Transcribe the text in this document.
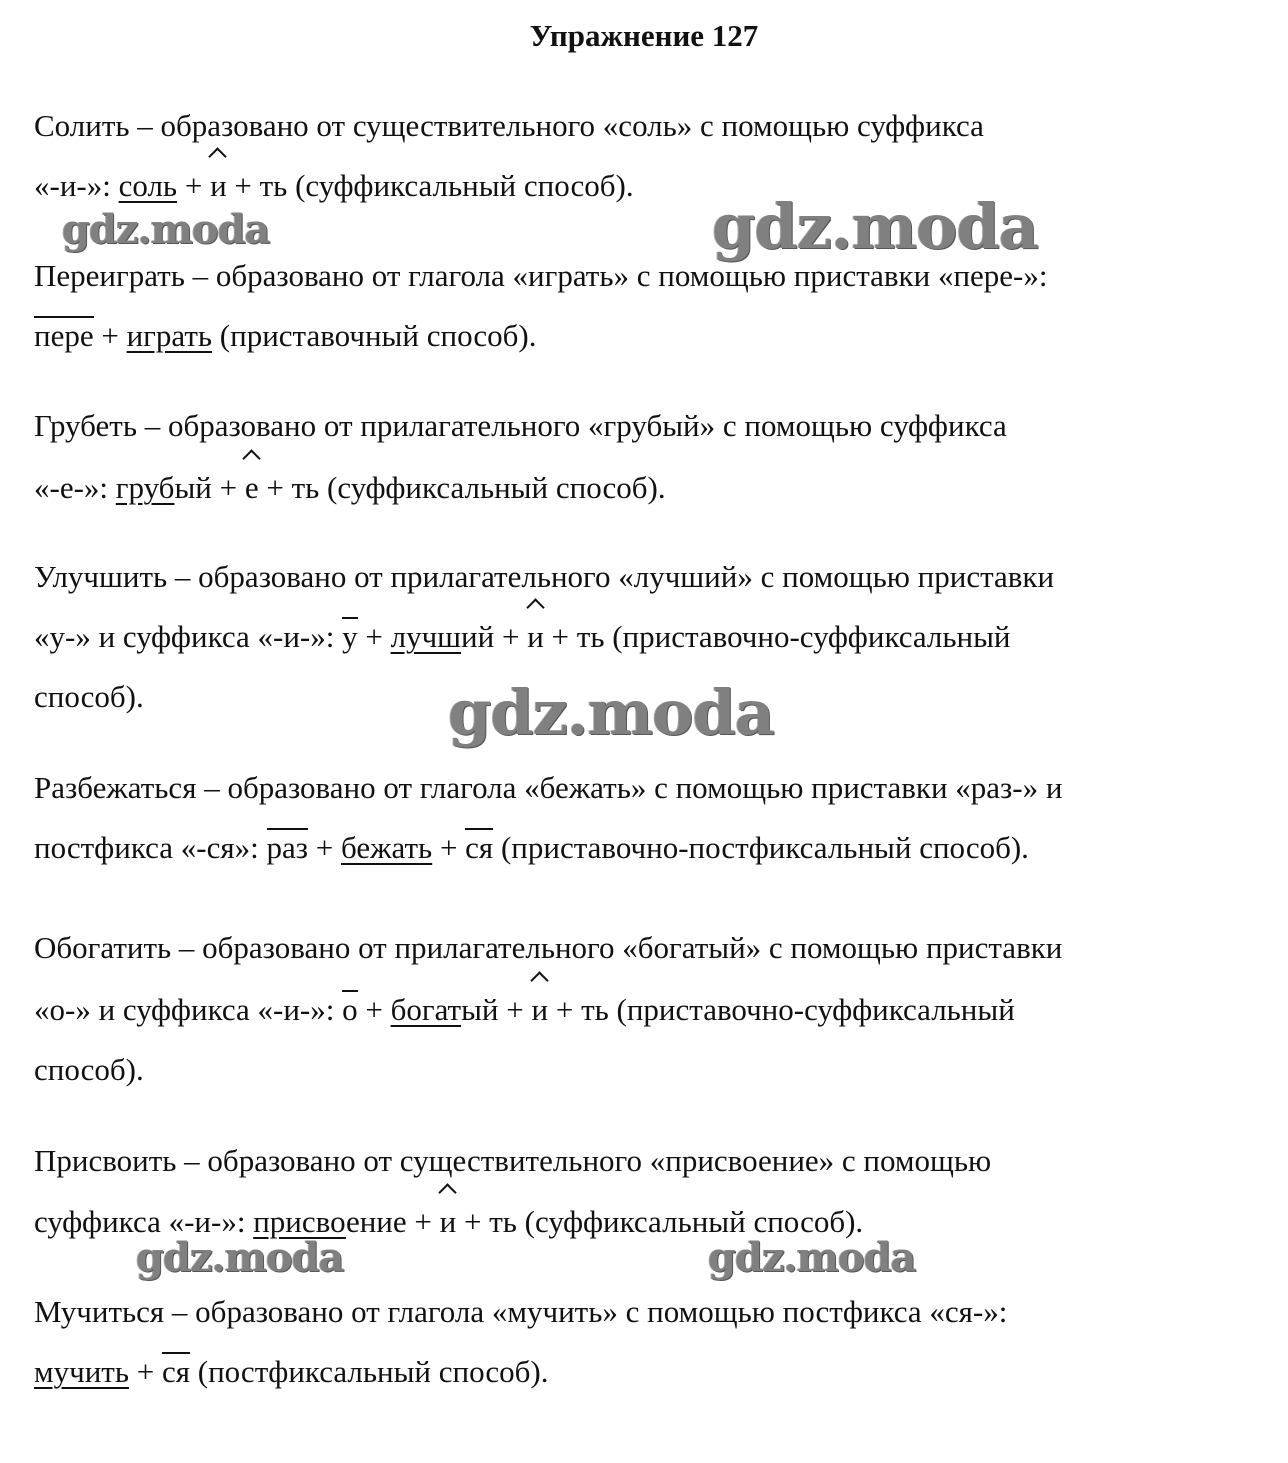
Упражнение 127
Солить – образовано от существительного «соль» с помощью суффикса
«-и-»: соль + и + ть (суффиксальный способ).
Переиграть – образовано от глагола «играть» с помощью приставки «пере-»:
пере + играть (приставочный способ).
Грубеть – образовано от прилагательного «грубый» с помощью суффикса
«-е-»: грубый + е + ть (суффиксальный способ).
Улучшить – образовано от прилагательного «лучший» с помощью приставки
«у-» и суффикса «-и-»: у + лучший + и + ть (приставочно-суффиксальный
способ).
Разбежаться – образовано от глагола «бежать» с помощью приставки «раз-» и
постфикса «-ся»: раз + бежать + ся (приставочно-постфиксальный способ).
Обогатить – образовано от прилагательного «богатый» с помощью приставки
«о-» и суффикса «-и-»: о + богатый + и + ть (приставочно-суффиксальный
способ).
Присвоить – образовано от существительного «присвоение» с помощью
суффикса «-и-»: присвоение + и + ть (суффиксальный способ).
Мучиться – образовано от глагола «мучить» с помощью постфикса «ся-»:
мучить + ся (постфиксальный способ).
gdz.moda	gdz.moda
gdz.moda
gdz.moda	gdz.moda
